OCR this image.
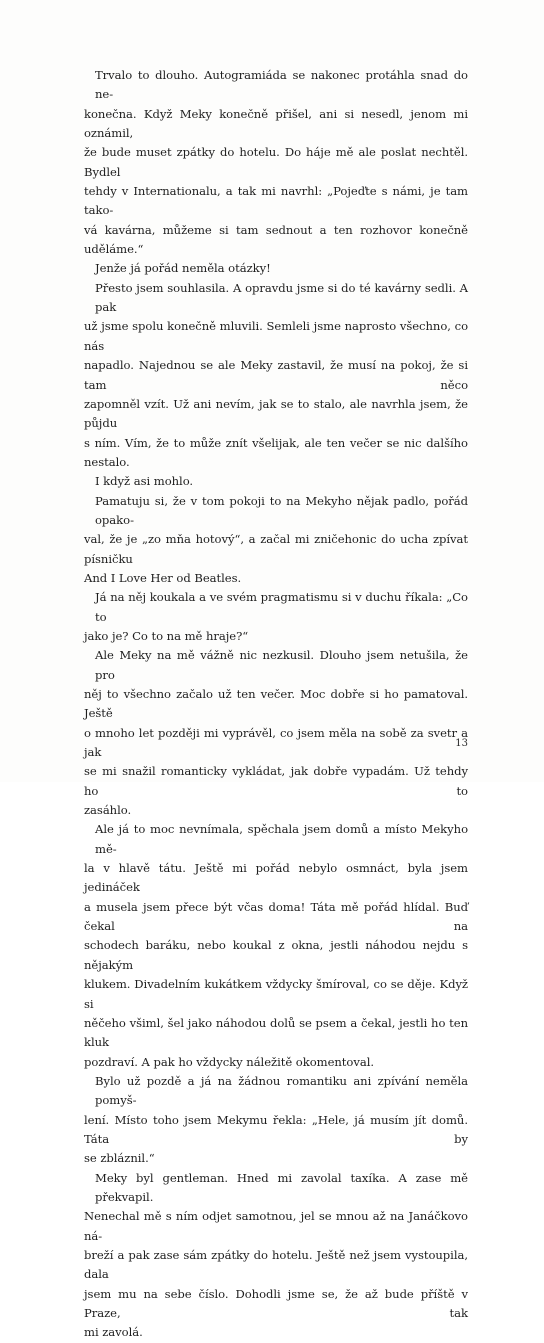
Trvalo to dlouho. Autogramiáda se nakonec protáhla snad do ne-
konečna. Když Meky konečně přišel, ani si nesedl, jenom mi oznámil,
že bude muset zpátky do hotelu. Do háje mě ale poslat nechtěl. Bydlel
tehdy v Internationalu, a tak mi navrhl: „Pojeďte s námi, je tam tako-
vá kavárna, můžeme si tam sednout a ten rozhovor konečně uděláme.“
Jenže já pořád neměla otázky!
Přesto jsem souhlasila. A opravdu jsme si do té kavárny sedli. A pak
už jsme spolu konečně mluvili. Semleli jsme naprosto všechno, co nás
napadlo. Najednou se ale Meky zastavil, že musí na pokoj, že si tam něco
zapomněl vzít. Už ani nevím, jak se to stalo, ale navrhla jsem, že půjdu
s ním. Vím, že to může znít všelijak, ale ten večer se nic dalšího nestalo.
I když asi mohlo.
Pamatuju si, že v tom pokoji to na Mekyho nějak padlo, pořád opako-
val, že je „zo mňa hotový“, a začal mi zničehonic do ucha zpívat písničku
And I Love Her od Beatles.
Já na něj koukala a ve svém pragmatismu si v duchu říkala: „Co to
jako je? Co to na mě hraje?“
Ale Meky na mě vážně nic nezkusil. Dlouho jsem netušila, že pro
něj to všechno začalo už ten večer. Moc dobře si ho pamatoval. Ještě
o mnoho let později mi vyprávěl, co jsem měla na sobě za svetr a jak
se mi snažil romanticky vykládat, jak dobře vypadám. Už tehdy ho to
zasáhlo.
Ale já to moc nevnímala, spěchala jsem domů a místo Mekyho mě-
la v hlavě tátu. Ještě mi pořád nebylo osmnáct, byla jsem jedináček
a musela jsem přece být včas doma! Táta mě pořád hlídal. Buď čekal na
schodech baráku, nebo koukal z okna, jestli náhodou nejdu s nějakým
klukem. Divadelním kukátkem vždycky šmíroval, co se děje. Když si
něčeho všiml, šel jako náhodou dolů se psem a čekal, jestli ho ten kluk
pozdraví. A pak ho vždycky náležitě okomentoval.
Bylo už pozdě a já na žádnou romantiku ani zpívání neměla pomyš-
lení. Místo toho jsem Mekymu řekla: „Hele, já musím jít domů. Táta by
se zbláznil.“
Meky byl gentleman. Hned mi zavolal taxíka. A zase mě překvapil.
Nenechal mě s ním odjet samotnou, jel se mnou až na Janáčkovo ná-
breží a pak zase sám zpátky do hotelu. Ještě než jsem vystoupila, dala
jsem mu na sebe číslo. Dohodli jsme se, že až bude příště v Praze, tak
mi zavolá.
13
